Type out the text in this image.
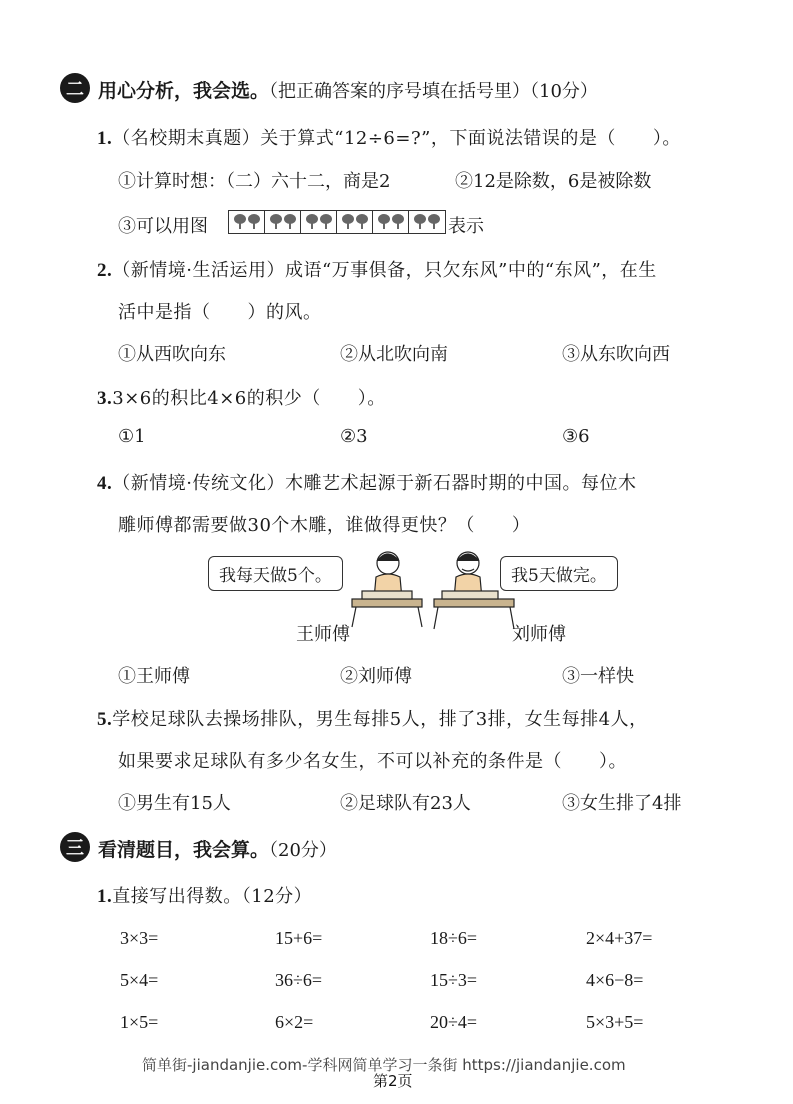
二 用心分析，我会选。（把正确答案的序号填在括号里）（10分）
1.（名校期末真题）关于算式“12÷6=?”，下面说法错误的是（　　）。
①计算时想：（二）六十二，商是2	②12是除数，6是被除数
③可以用图	表示
2.（新情境·生活运用）成语“万事俱备，只欠东风”中的“东风”，在生
活中是指（　　）的风。
①从西吹向东	②从北吹向南	③从东吹向西
3.3×6的积比4×6的积少（　　）。
①1	②3	③6
4.（新情境·传统文化）木雕艺术起源于新石器时期的中国。每位木
雕师傅都需要做30个木雕，谁做得更快？（　　）
我每天做5个。	我5天做完。
王师傅	刘师傅
①王师傅	②刘师傅	③一样快
5.学校足球队去操场排队，男生每排5人，排了3排，女生每排4人，
如果要求足球队有多少名女生，不可以补充的条件是（　　）。
①男生有15人	②足球队有23人	③女生排了4排
三 看清题目，我会算。（20分）
1.直接写出得数。（12分）
3×3=	15+6=	18÷6=	2×4+37=
5×4=	36÷6=	15÷3=	4×6−8=
1×5=	6×2=	20÷4=	5×3+5=
简单街-jiandanjie.com-学科网简单学习一条街 https://jiandanjie.com
第2页
